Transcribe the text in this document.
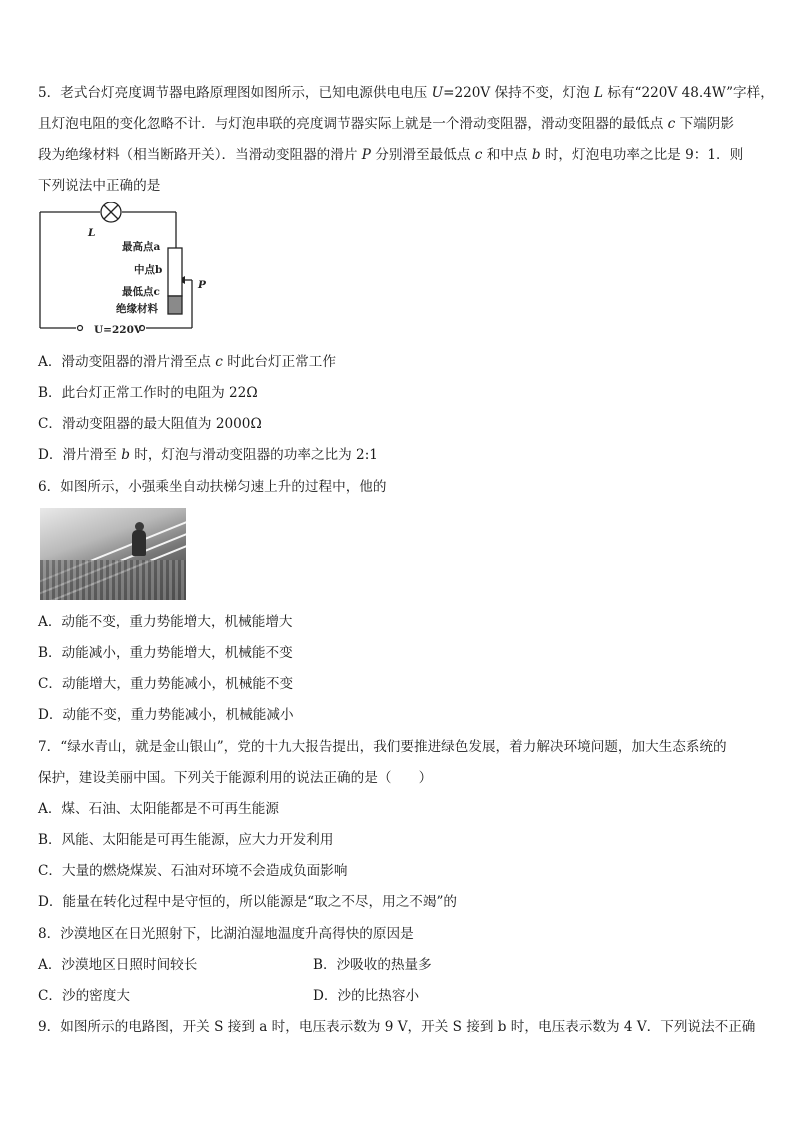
5．老式台灯亮度调节器电路原理图如图所示，已知电源供电电压 U=220V 保持不变，灯泡 L 标有“220V 48.4W”字样，
且灯泡电阻的变化忽略不计．与灯泡串联的亮度调节器实际上就是一个滑动变阻器，滑动变阻器的最低点 c 下端阴影
段为绝缘材料（相当断路开关）．当滑动变阻器的滑片 P 分别滑至最低点 c 和中点 b 时，灯泡电功率之比是 9：1．则
下列说法中正确的是
L
最高点a
中点b
最低点c
绝缘材料
P
U=220V
A．滑动变阻器的滑片滑至点 c 时此台灯正常工作
B．此台灯正常工作时的电阻为 22Ω
C．滑动变阻器的最大阻值为 2000Ω
D．滑片滑至 b 时，灯泡与滑动变阻器的功率之比为 2:1
6．如图所示，小强乘坐自动扶梯匀速上升的过程中，他的
A．动能不变，重力势能增大，机械能增大
B．动能减小，重力势能增大，机械能不变
C．动能增大，重力势能减小，机械能不变
D．动能不变，重力势能减小，机械能减小
7．“绿水青山，就是金山银山”，党的十九大报告提出，我们要推进绿色发展，着力解决环境问题，加大生态系统的
保护，建设美丽中国。下列关于能源利用的说法正确的是（　　）
A．煤、石油、太阳能都是不可再生能源
B．风能、太阳能是可再生能源，应大力开发利用
C．大量的燃烧煤炭、石油对环境不会造成负面影响
D．能量在转化过程中是守恒的，所以能源是“取之不尽，用之不竭”的
8．沙漠地区在日光照射下，比湖泊湿地温度升高得快的原因是
A．沙漠地区日照时间较长	B．沙吸收的热量多
C．沙的密度大	D．沙的比热容小
9．如图所示的电路图，开关 S 接到 a 时，电压表示数为 9 V，开关 S 接到 b 时，电压表示数为 4 V．下列说法不正确
